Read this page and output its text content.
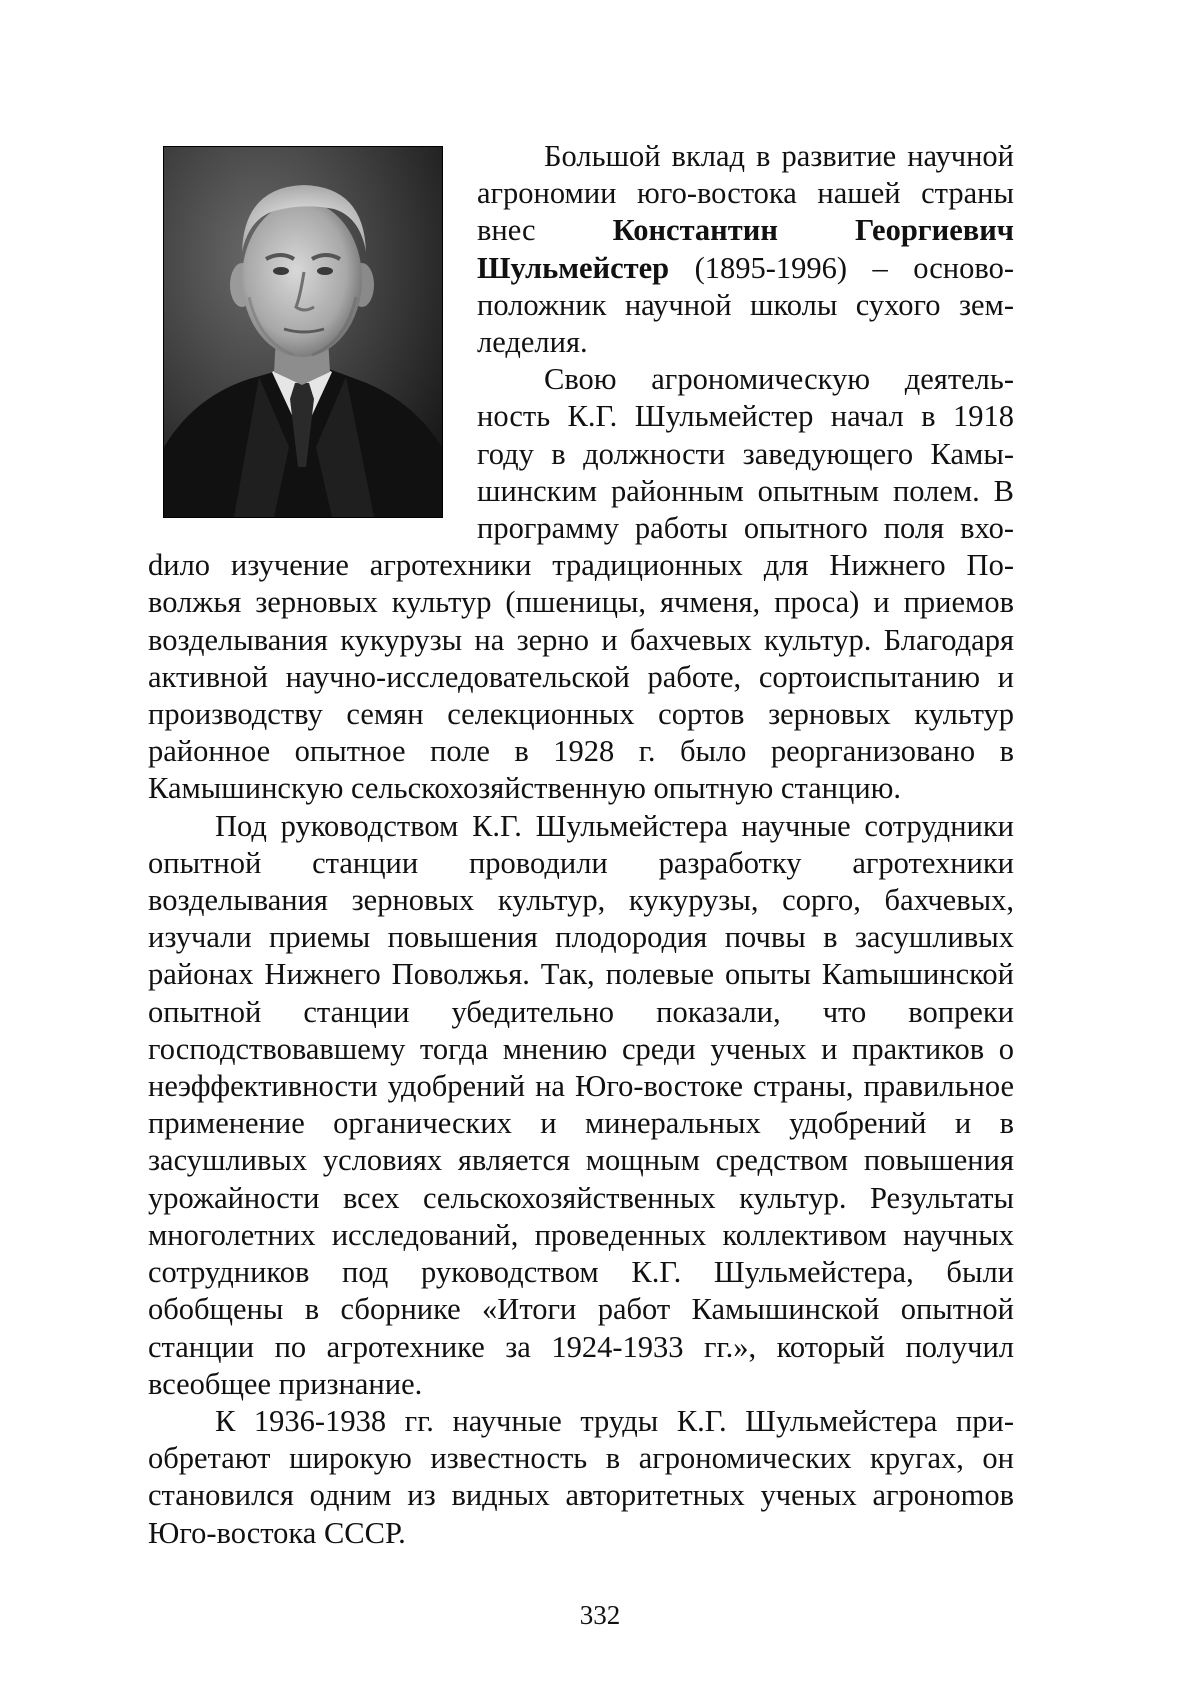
Большой вклад в развитие научной агрономии юго-востока нашей страны внес Константин Георгиевич Шульмейстер (1895-1996) – основоположник научной школы сухого земледелия.

Свою агрономическую деятельность К.Г. Шульмейстер начал в 1918 году в должности заведующего Камышинским районным опытным полем. В программу работы опытного поля вхоdило изучение агротехники традиционных для Нижнего Поволжья зерновых культур (пшеницы, ячменя, проса) и приемов возделывания кукурузы на зерно и бахчевых культур. Благодаря активной научно-исследовательской работе, сортоиспытанию и производству семян селекционных сортов зерновых культур районное опытное поле в 1928 г. было реорганизовано в Камышинскую сельскохозяйственную опытную станцию.

Под руководством К.Г. Шульмейстера научные сотрудники опытной станции проводили разработку агротехники возделывания зерновых культур, кукурузы, сорго, бахчевых, изучали приемы повышения плодородия почвы в засушливых районах Нижнего Поволжья. Так, полевые опыты Каmышинской опытной станции убедительно показали, что вопреки господствовавшему тогда мнению среди ученых и практиков о неэффективности удобрений на Юго-востоке страны, правильное применение органических и минеральных удобрений и в засушливых условиях является мощным средством повышения урожайности всех сельскохозяйственных культур. Результаты многолетних исследований, проведенных коллективом научных сотрудников под руководством К.Г. Шульмейстера, были обобщены в сборнике «Итоги работ Камышинской опытной станции по агротехнике за 1924-1933 гг.», который получил всеобщее признание.

К 1936-1938 гг. научные труды К.Г. Шульмейстера приобретают широкую известность в агрономических кругах, он становился одним из видных авторитетных ученых агроноmов Юго-востока СССР.

332
